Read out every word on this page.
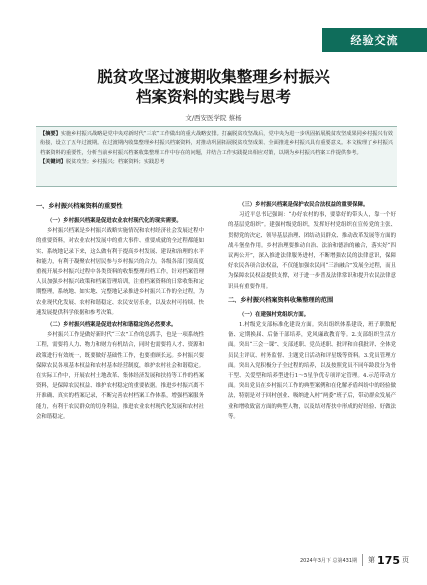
经验交流
脱贫攻坚过渡期收集整理乡村振兴
档案资料的实践与思考
文/西安医学院 蔡杨

【摘要】实施乡村振兴战略是党中央对新时代“三农”工作做出的重大战略安排。打赢脱贫攻坚战后，党中央为进一步巩固拓展脱贫攻坚成果同乡村振兴有效衔接，设立了五年过渡期。在过渡期内收集整理乡村振兴档案资料，对推动巩固拓展脱贫攻坚成果、全面推进乡村振兴具有重要意义。本文梳理了乡村振兴档案资料的重要性，分析当前乡村振兴档案收集整理工作中存在的问题，并结合工作实践提出相应对策，以期为乡村振兴档案工作提供参考。

【关键词】脱贫攻坚；乡村振兴；档案资料；实践思考

一、乡村振兴档案资料的重要性
（一）乡村振兴档案是促进农业农村现代化的现实需要。

乡村振兴档案是乡村振兴战略实施情况和农村经济社会发展过程中的重要资料，对农业农村发展中的重大事件、重要成就的全过程都能如实、系统地记录下来，这么做有利于提高乡村发展、建设和治理的水平和能力，有利于凝聚农村居民参与乡村振兴的合力。各级各部门要高度重视开展乡村振兴过程中各类资料的收集整理归档工作，针对档案管理人员加强乡村振兴政策和档案管理培训，注重档案资料的日常收集和定期整理，系统地、如实地、完整地记录推进乡村振兴工作的全过程，为农业现代化发展、农村和谐稳定、农民安居乐业，以及农村可持续、快速发展提供科学依据和参考决策。

（二）乡村振兴档案是促进农村和谐稳定的必然要求。

乡村振兴工作是做好新时代“三农”工作的总抓手，也是一项系统性工程，需要将人力、物力和财力有机结合，同时也需要将人才、资源和政策进行有效统一，既要做好基础性工作，也要重顾长远。乡村振兴要保障农民各项基本权益和农村基本经营制度，维护农村社会和谐稳定。在实际工作中，开展农村土地改革、集体经济发展和扶持等工作的档案资料，是保障农民权益、维护农村稳定的重要依据。推进乡村振兴离不开准确、真实的档案记录，不断完善农村档案工作体系，增强档案服务能力，有利于农民群众的切身利益，推进农业农村现代化发展和农村社会和谐稳定。

（三）乡村振兴档案是保护农民合法权益的重要保障。

习近平总书记强调：“办好农村的事，要靠好的带头人，靠一个好的基层党组织”。建强村级党组织，发挥好村党组织在宣传党的主张、贯彻党的决定、领导基层治理、团结动员群众、推动改革发展等方面的战斗堡垒作用。乡村治理要推动自治、法治和德治的融合，落实好“四议两公开”，深入推进法律服务进村，不断增强农民的法律意识，保障好农民各项合法权益，不仅能加强农民同“三治融合”发展全过程，而且为保障农民权益提供支撑，对于进一步普及法律常识和提升农民法律意识具有重要作用。

二、乡村振兴档案资料收集整理的范围
（一）在建强村党组织方面。

1.村级党支部标准化建设方面。突出组织体系建设，班子职数配备、定期换届、后备干部培养，党风廉政教育等。2.支部组织生活方面。突出“三会一课”、支部述职、党员述职、批评和自我批评、全体党员民主评议、村务监督、主题党日活动和评星级等资料。3.党员管理方面。突出入党积极分子全过程的培养，以及按照党员不同年龄段分为骨干型、关爱型和培养型进行1～5星争优专项评定管理。4.示范带动方面。突出党员在乡村振兴工作的典型案例和在化解矛盾纠纷中的经验做法，特别是对于回村创业、吸纳进入村“两委”班子后，带动群众发展产业和增收致富方面的典型人物，以及结对帮扶中形成的好经验、好做法等。

2024年3月下 总第431期 第 175 页
